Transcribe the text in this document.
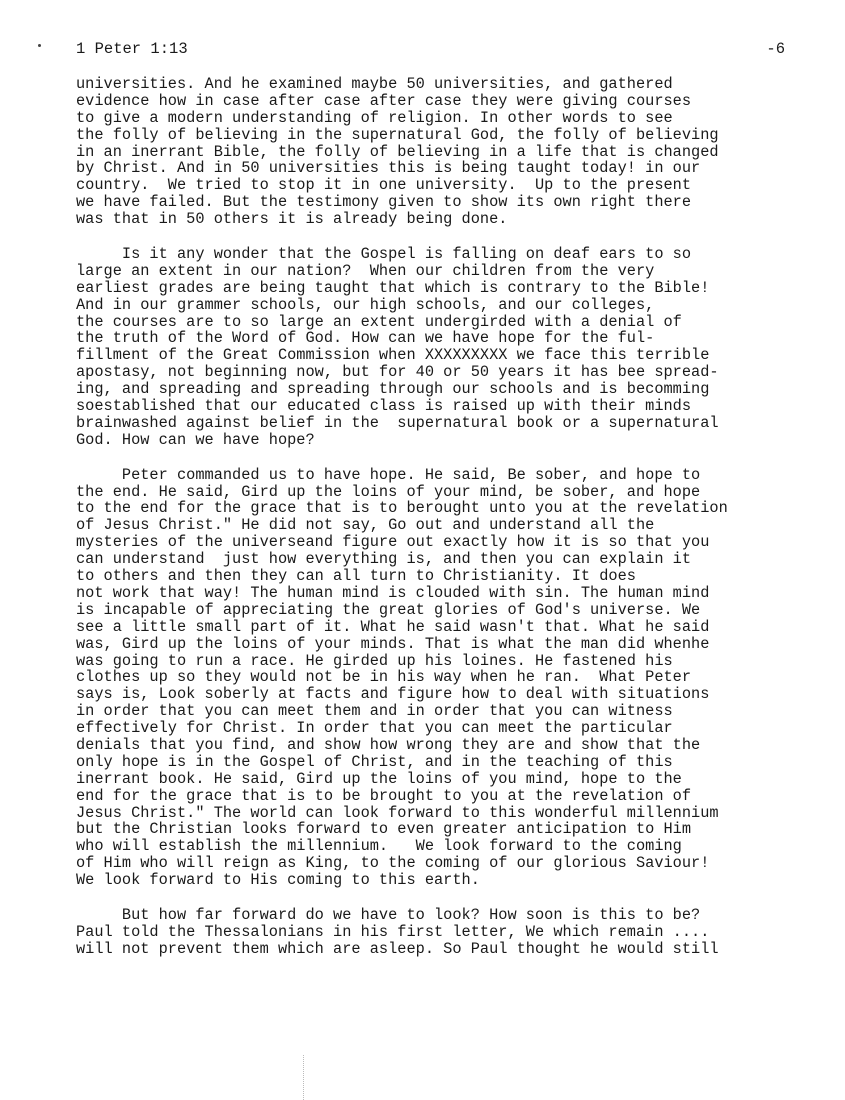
1 Peter 1:13	-6
universities. And he examined maybe 50 universities, and gathered
evidence how in case after case after case they were giving courses
to give a modern understanding of religion. In other words to see
the folly of believing in the supernatural God, the folly of believing
in an inerrant Bible, the folly of believing in a life that is changed
by Christ. And in 50 universities this is being taught today! in our
country.  We tried to stop it in one university.  Up to the present
we have failed. But the testimony given to show its own right there
was that in 50 others it is already being done.
Is it any wonder that the Gospel is falling on deaf ears to so
large an extent in our nation?  When our children from the very
earliest grades are being taught that which is contrary to the Bible!
And in our grammer schools, our high schools, and our colleges,
the courses are to so large an extent undergirded with a denial of
the truth of the Word of God. How can we have hope for the ful-
fillment of the Great Commission when XXXXXXXXX we face this terrible
apostasy, not beginning now, but for 40 or 50 years it has bee spread-
ing, and spreading and spreading through our schools and is becomming
soestablished that our educated class is raised up with their minds
brainwashed against belief in the  supernatural book or a supernatural
God. How can we have hope?
Peter commanded us to have hope. He said, Be sober, and hope to
the end. He said, Gird up the loins of your mind, be sober, and hope
to the end for the grace that is to berought unto you at the revelation
of Jesus Christ." He did not say, Go out and understand all the
mysteries of the universeand figure out exactly how it is so that you
can understand  just how everything is, and then you can explain it
to others and then they can all turn to Christianity. It does
not work that way! The human mind is clouded with sin. The human mind
is incapable of appreciating the great glories of God's universe. We
see a little small part of it. What he said wasn't that. What he said
was, Gird up the loins of your minds. That is what the man did whenhe
was going to run a race. He girded up his loines. He fastened his
clothes up so they would not be in his way when he ran.  What Peter
says is, Look soberly at facts and figure how to deal with situations
in order that you can meet them and in order that you can witness
effectively for Christ. In order that you can meet the particular
denials that you find, and show how wrong they are and show that the
only hope is in the Gospel of Christ, and in the teaching of this
inerrant book. He said, Gird up the loins of you mind, hope to the
end for the grace that is to be brought to you at the revelation of
Jesus Christ." The world can look forward to this wonderful millennium
but the Christian looks forward to even greater anticipation to Him
who will establish the millennium.   We look forward to the coming
of Him who will reign as King, to the coming of our glorious Saviour!
We look forward to His coming to this earth.
But how far forward do we have to look? How soon is this to be?
Paul told the Thessalonians in his first letter, We which remain ....
will not prevent them which are asleep. So Paul thought he would still
